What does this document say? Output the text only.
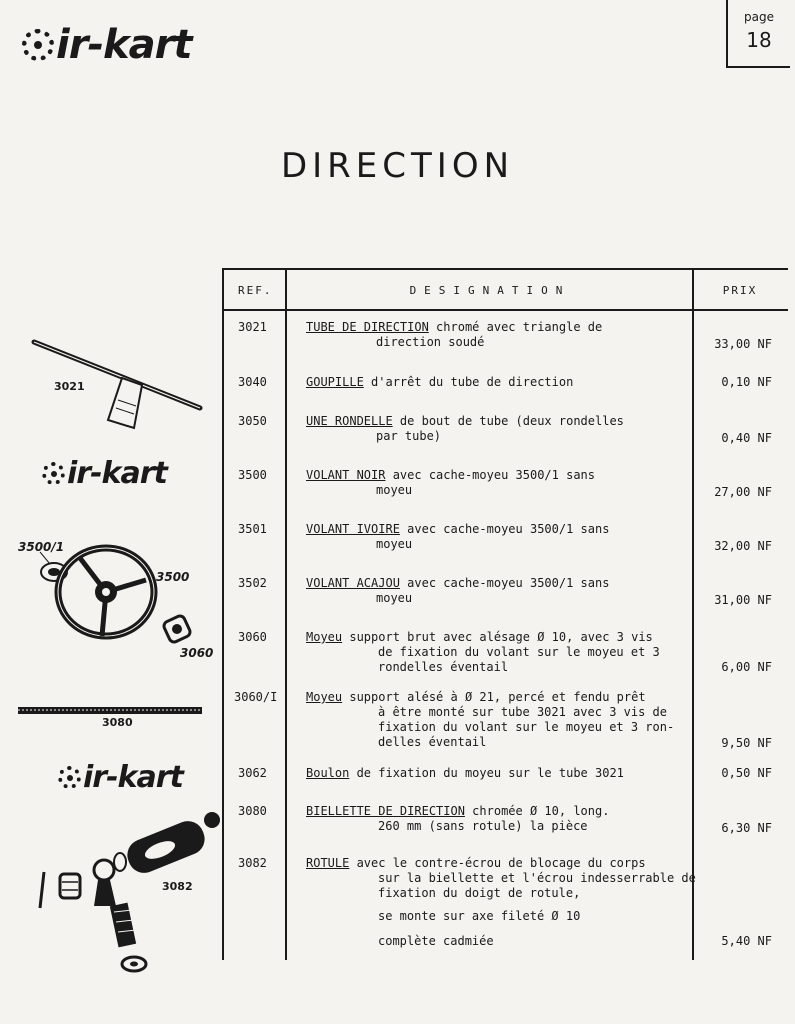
ir-kart
ir-kart
ir-kart
page
18
DIRECTION
REF.	DESIGNATION	PRIX
3021	TUBE DE DIRECTION chromé avec triangle de
direction soudé	33,00 NF
3040	GOUPILLE d'arrêt du tube de direction	0,10 NF
3050	UNE RONDELLE de bout de tube (deux rondelles
par tube)	0,40 NF
3500	VOLANT NOIR avec cache-moyeu 3500/1 sans
moyeu	27,00 NF
3501	VOLANT IVOIRE avec cache-moyeu 3500/1 sans
moyeu	32,00 NF
3502	VOLANT ACAJOU avec cache-moyeu 3500/1 sans
moyeu	31,00 NF
3060	Moyeu support brut avec alésage Ø 10, avec 3 vis
de fixation du volant sur le moyeu et 3
rondelles éventail	6,00 NF
3060/I Moyeu support alésé à Ø 21, percé et fendu prêt
à être monté sur tube 3021 avec 3 vis de
fixation du volant sur le moyeu et 3 ron-
delles éventail	9,50 NF
3062	Boulon de fixation du moyeu sur le tube 3021	0,50 NF
3080	BIELLETTE DE DIRECTION chromée Ø 10, long.
260 mm (sans rotule) la pièce	6,30 NF
3082	ROTULE avec le contre-écrou de blocage du corps
sur la biellette et l'écrou indesserrable de
fixation du doigt de rotule,
se monte sur axe fileté Ø 10
complète cadmiée	5,40 NF
3021
3500/1
3500
3060
3080
3082
